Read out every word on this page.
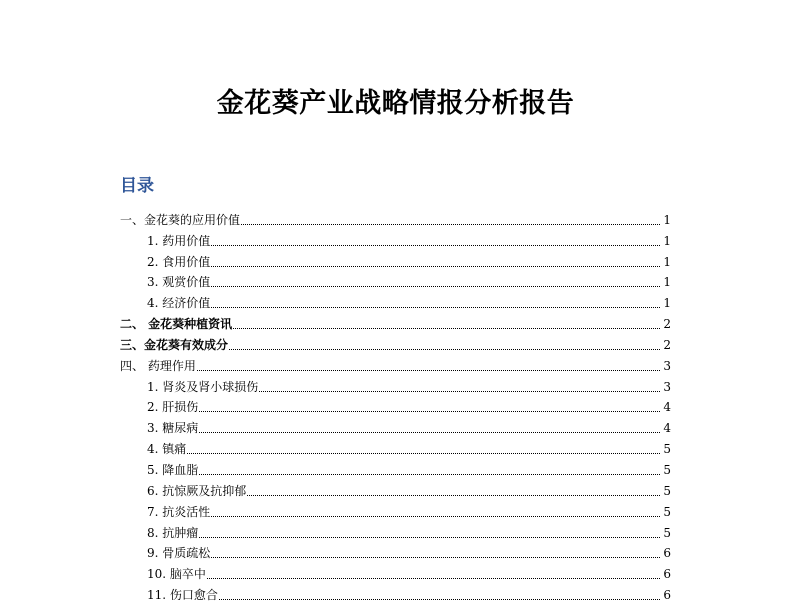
金花葵产业战略情报分析报告
目录
一、金花葵的应用价值	1
1. 药用价值	1
2. 食用价值	1
3. 观赏价值	1
4. 经济价值	1
二、 金花葵种植资讯	2
三、金花葵有效成分	2
四、 药理作用	3
1. 肾炎及肾小球损伤	3
2. 肝损伤	4
3. 糖尿病	4
4. 镇痛	5
5. 降血脂	5
6. 抗惊厥及抗抑郁	5
7. 抗炎活性	5
8. 抗肿瘤	5
9. 骨质疏松	6
10. 脑卒中	6
11. 伤口愈合	6
